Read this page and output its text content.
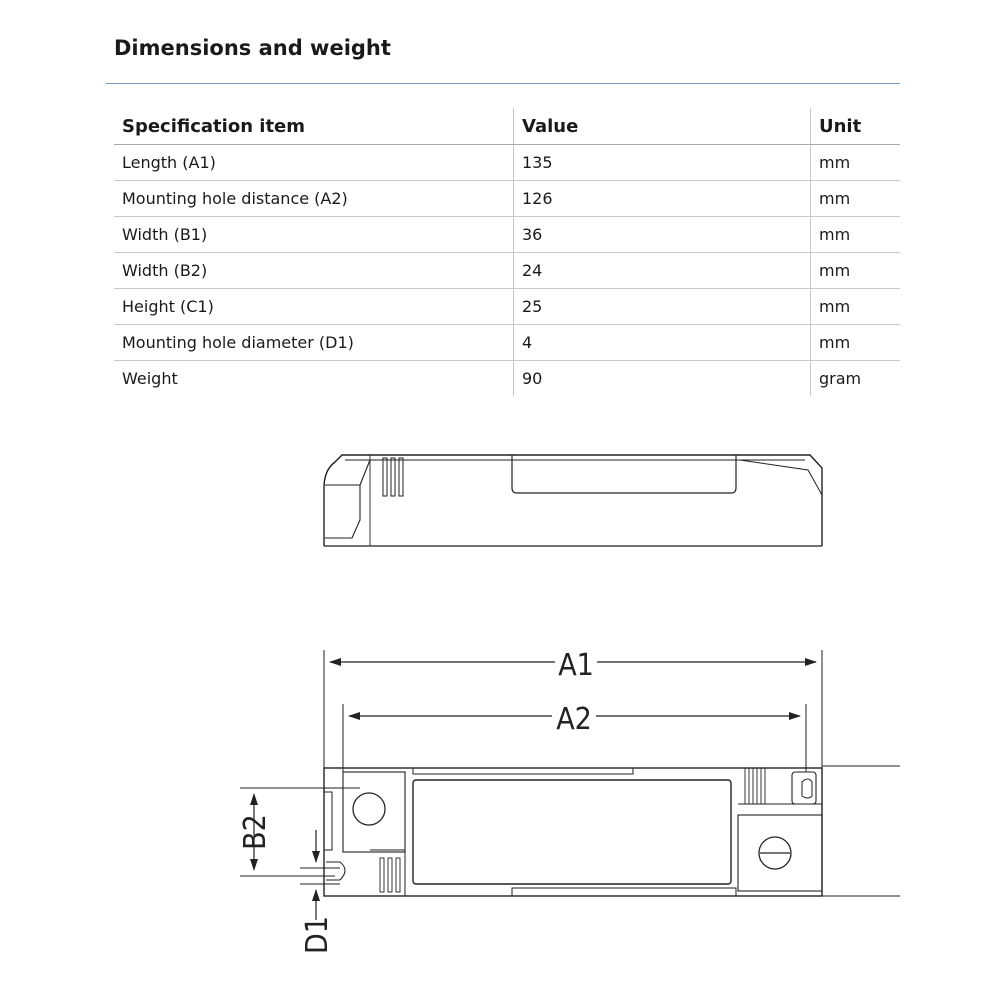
Dimensions and weight
Specification item	Value	Unit
Length (A1)	135	mm
Mounting hole distance (A2)	126	mm
Width (B1)	36	mm
Width (B2)	24	mm
Height (C1)	25	mm
Mounting hole diameter (D1)	4	mm
Weight	90	gram
A1
A2
B2
D1
